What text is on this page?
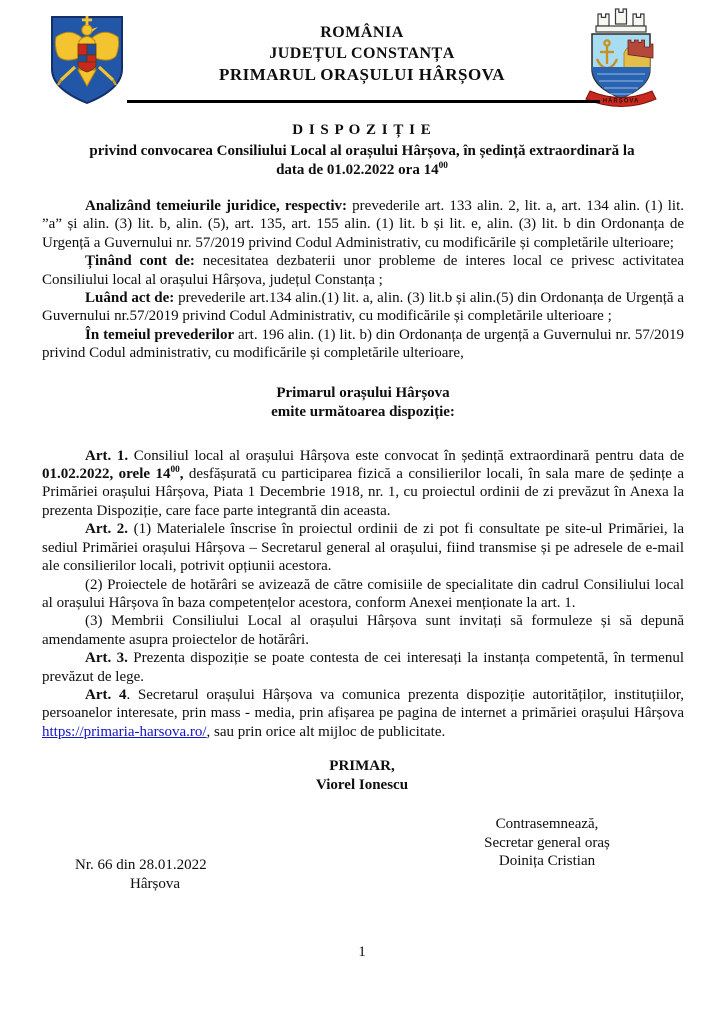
ROMÂNIA
JUDEȚUL CONSTANȚA
PRIMARUL ORAȘULUI HÂRȘOVA
HÂRȘOVA
D I S P O Z I Ț I E
privind convocarea Consiliului Local al orașului Hârșova, în ședință extraordinară la
data de 01.02.2022 ora $14^{00}$

Analizând temeiurile juridice, respectiv: prevederile art. 133 alin. 2, lit. a, art. 134 alin. (1) lit. ”a” și alin. (3) lit. b, alin. (5), art. 135, art. 155 alin. (1) lit. b și lit. e, alin. (3) lit. b din Ordonanța de Urgență a Guvernului nr. 57/2019 privind Codul Administrativ, cu modificările și completările ulterioare;

Ținând cont de: necesitatea dezbaterii unor probleme de interes local ce privesc activitatea Consiliului local al orașului Hârșova, județul Constanța ;

Luând act de: prevederile art.134 alin.(1) lit. a, alin. (3) lit.b și alin.(5) din Ordonanța de Urgență a Guvernului nr.57/2019 privind Codul Administrativ, cu modificările și completările ulterioare ;

În temeiul prevederilor art. 196 alin. (1) lit. b) din Ordonanța de urgență a Guvernului nr. 57/2019 privind Codul administrativ, cu modificările și completările ulterioare,

Primarul orașului Hârșova
emite următoarea dispoziție:

Art. 1. Consiliul local al orașului Hârșova este convocat în ședință extraordinară pentru data de 01.02.2022, orele $14^{00}$, desfășurată cu participarea fizică a consilierilor locali, în sala mare de ședințe a Primăriei orașului Hârșova, Piata 1 Decembrie 1918, nr. 1, cu proiectul ordinii de zi prevăzut în Anexa la prezenta Dispoziție, care face parte integrantă din aceasta.

Art. 2. (1) Materialele înscrise în proiectul ordinii de zi pot fi consultate pe site-ul Primăriei, la sediul Primăriei orașului Hârșova – Secretarul general al orașului, fiind transmise și pe adresele de e-mail ale consilierilor locali, potrivit opțiunii acestora.

(2) Proiectele de hotărâri se avizează de către comisiile de specialitate din cadrul Consiliului local al orașului Hârșova în baza competențelor acestora, conform Anexei menționate la art. 1.

(3) Membrii Consiliului Local al orașului Hârșova sunt invitați să formuleze și să depună amendamente asupra proiectelor de hotărâri.

Art. 3. Prezenta dispoziție se poate contesta de cei interesați la instanța competentă, în termenul prevăzut de lege.

Art. 4. Secretarul orașului Hârșova va comunica prezenta dispoziție autorităților, instituțiilor, persoanelor interesate, prin mass - media, prin afișarea pe pagina de internet a primăriei orașului Hârșova https://primaria-harsova.ro/, sau prin orice alt mijloc de publicitate.

PRIMAR,
Viorel Ionescu
Contrasemnează,
Secretar general oraș
Doinița Cristian
Nr. 66 din 28.01.2022
Hârșova
1
